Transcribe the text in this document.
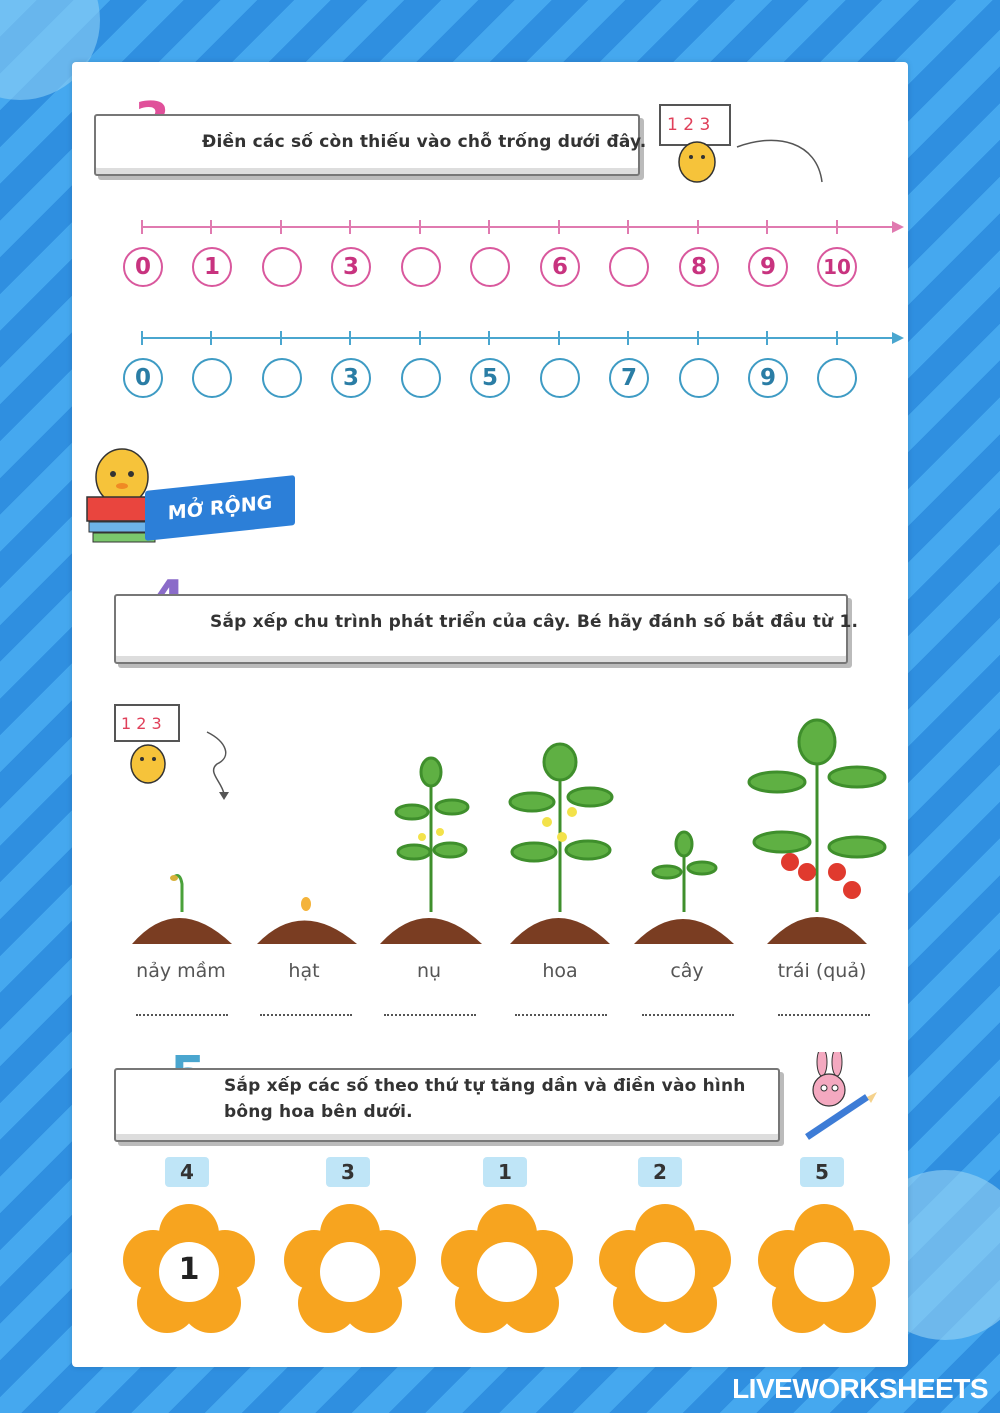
Điền các số còn thiếu vào chỗ trống dưới đây.
1 2 3
0	1	3	6	8	9	10
0	3	5	7	9
MỞ RỘNG
Sắp xếp chu trình phát triển của cây. Bé hãy đánh số bắt đầu từ 1.
1 2 3
nảy mầm	hạt	nụ	hoa	cây	trái (quả)
Sắp xếp các số theo thứ tự tăng dần và điền vào hình
bông hoa bên dưới.
4	3	1	2	5
1
LIVEWORKSHEETS
